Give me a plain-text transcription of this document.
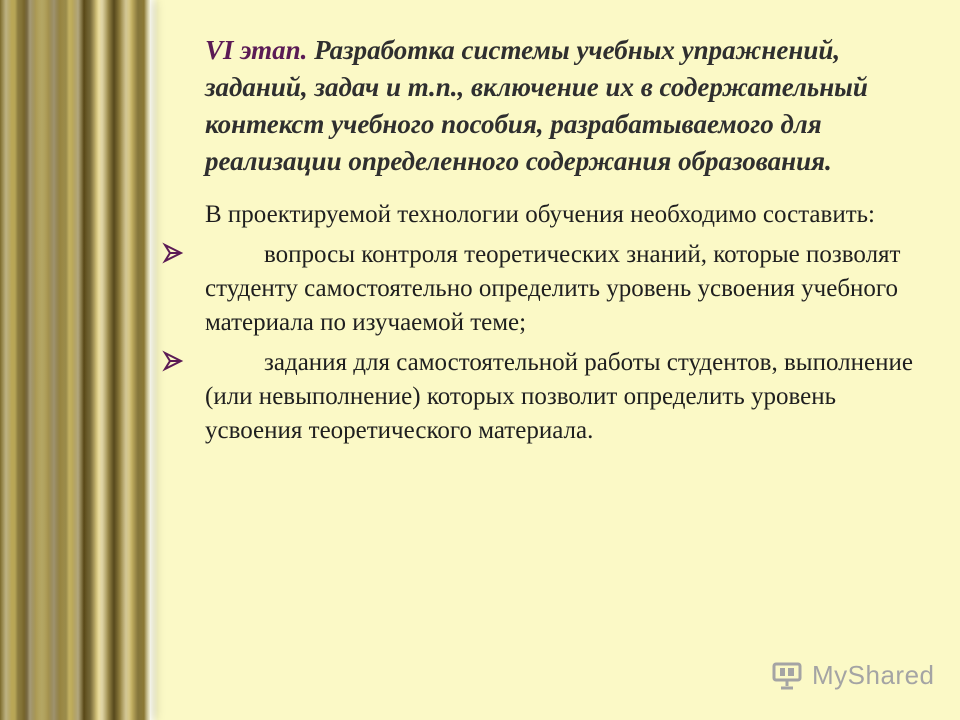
VI этап. Разработка системы учебных упражнений, заданий, задач и т.п., включение их в содержательный контекст учебного пособия, разрабатываемого для реализации определенного содержания образования.

В проектируемой технологии обучения необходимо составить:
вопросы контроля теоретических знаний, которые позволят студенту самостоятельно определить уровень усвоения учебного материала по изучаемой теме;
задания для самостоятельной работы студентов, выполнение (или невыполнение) которых позволит определить уровень усвоения теоретического материала.
MyShared
